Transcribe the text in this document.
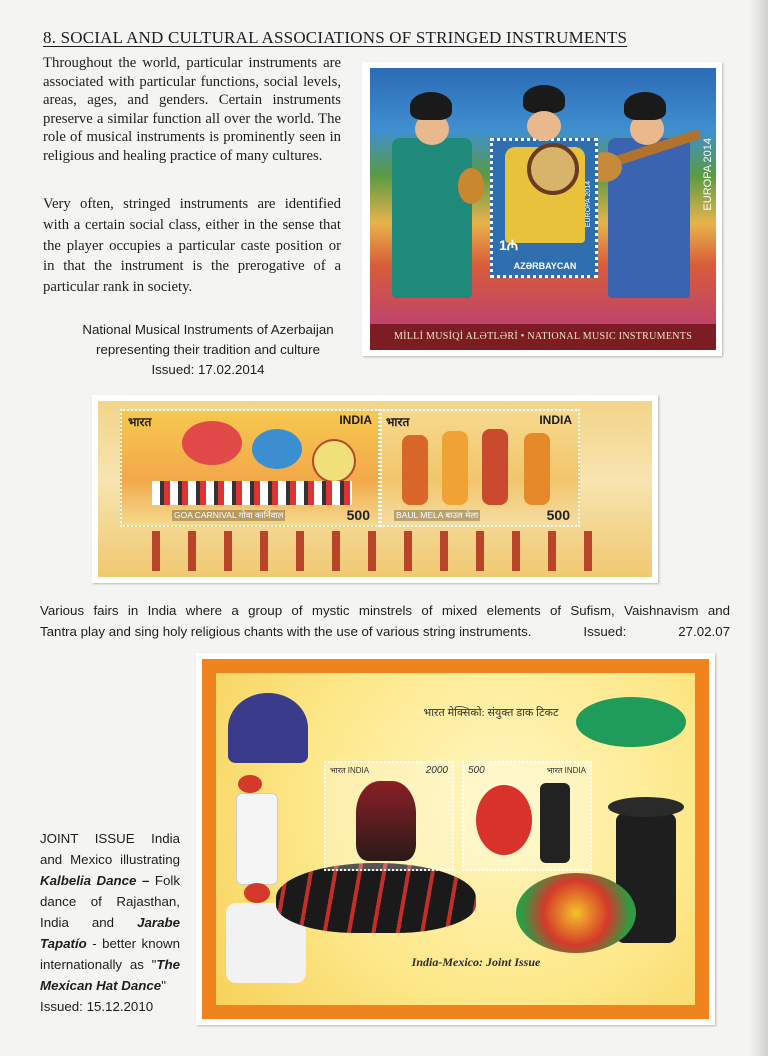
8. SOCIAL AND CULTURAL ASSOCIATIONS OF STRINGED INSTRUMENTS
Throughout the world, particular instruments are associated with particular functions, social levels, areas, ages, and genders. Certain instruments preserve a similar function all over the world. The role of musical instruments is prominently seen in religious and healing practice of many cultures.
Very often, stringed instruments are identified with a certain social class, either in the sense that the player occupies a particular caste position or in that the instrument is the prerogative of a particular rank in society.
1₼
AZƏRBAYCAN
EUROPA 2014	EUROPA 2014
MİLLİ MUSİQİ ALƏTLƏRİ • NATIONAL MUSIC INSTRUMENTS
National Musical Instruments of Azerbaijan
representing their tradition and culture
Issued: 17.02.2014
GOA CARNIVAL गोवा कार्निवाल	500
भारत	INDIA
BAUL MELA बाउल मेला	500
भारत	INDIA
Various fairs in India where a group of mystic minstrels of mixed elements of Sufism, Vaishnavism and
Tantra play and sing holy religious chants with the use of various string instruments.	Issued:	27.02.07
भारत मेक्सिको: संयुक्त डाक टिकट
भारत INDIA	2000 500	भारत INDIA
India-Mexico: Joint Issue
JOINT ISSUE India and Mexico illustrating Kalbelia Dance – Folk dance of Rajasthan, India and Jarabe Tapatío - better known internationally as "The Mexican Hat Dance"
Issued: 15.12.2010
